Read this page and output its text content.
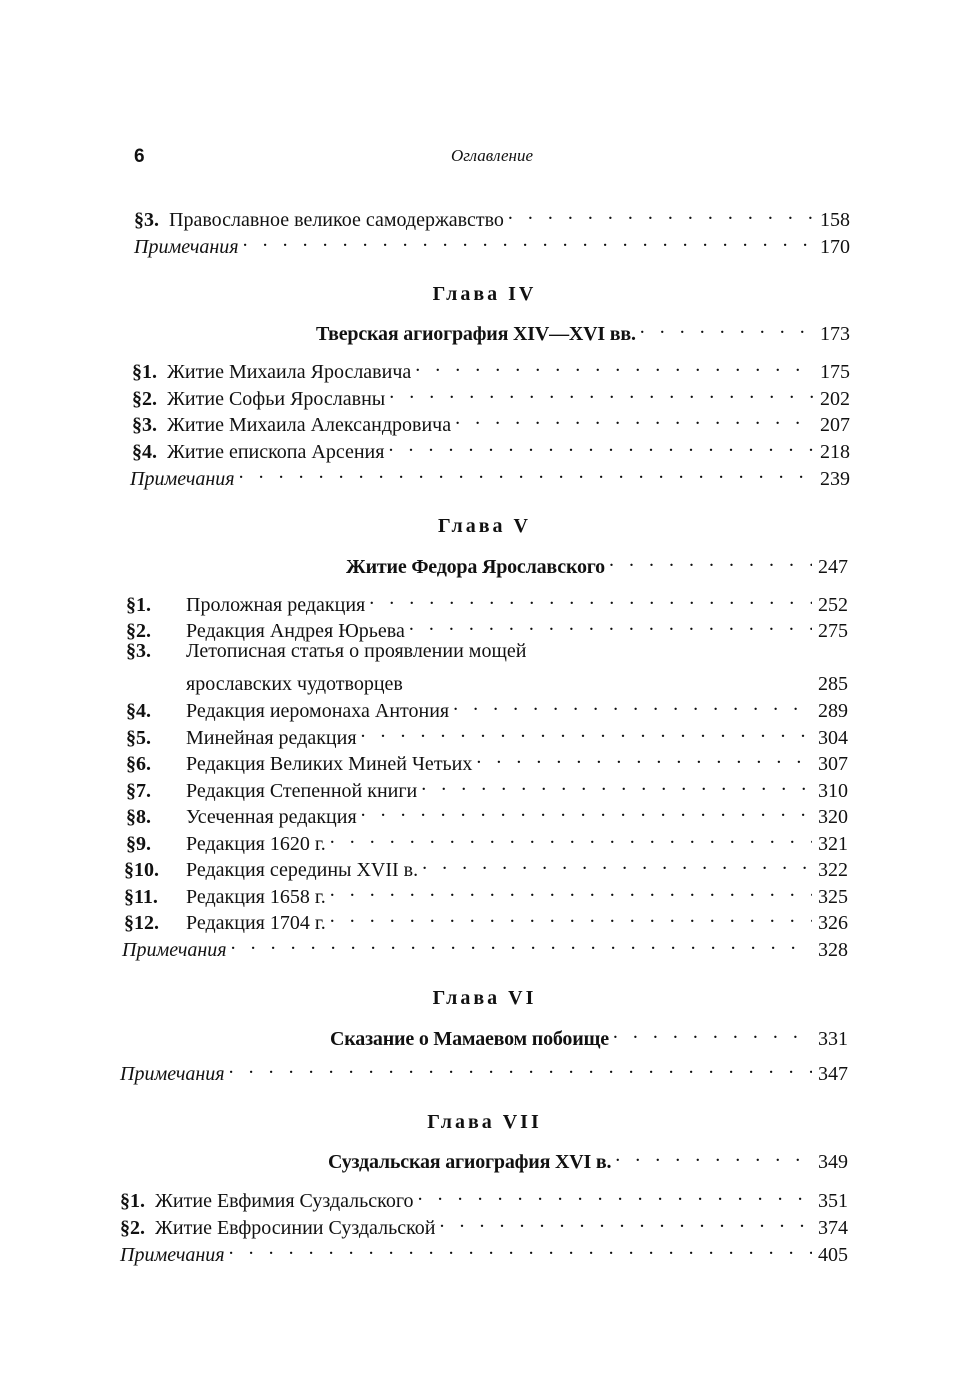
6	Оглавление
§3. Православное великое самодержавство . . .	158
Примечания . . .	170
Глава IV
Тверская агиография XIV—XVI вв. . . .	173
§1. Житие Михаила Ярославича . . .	175
§2. Житие Софьи Ярославны . . .	202
§3. Житие Михаила Александровича . . .	207
§4. Житие епископа Арсения . . .	218
Примечания . . .	239
Глава V
Житие Федора Ярославского . . .	247
§1.	Проложная редакция . . .	252
§2.	Редакция Андрея Юрьева . . .	275
§3.	Летописная статья о проявлении мощей
ярославских чудотворцев	285
§4.	Редакция иеромонаха Антония . . .	289
§5.	Минейная редакция . . .	304
§6.	Редакция Великих Миней Четьих . . .	307
§7.	Редакция Степенной книги . . .	310
§8.	Усеченная редакция . . .	320
§9.	Редакция 1620 г. . . .	321
§10.	Редакция середины XVII в. . . .	322
§11.	Редакция 1658 г. . . .	325
§12.	Редакция 1704 г. . . .	326
Примечания . . .	328
Глава VI
Сказание о Мамаевом побоище . . .	331
Примечания . . .	347
Глава VII
Суздальская агиография XVI в. . . .	349
§1. Житие Евфимия Суздальского . . .	351
§2. Житие Евфросинии Суздальской . . .	374
Примечания . . .	405
